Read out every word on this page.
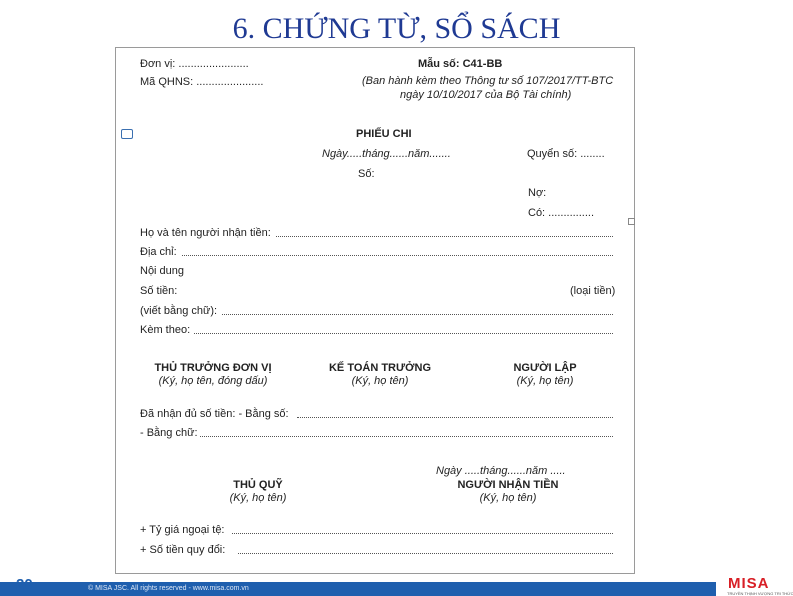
6. CHỨNG TỪ, SỔ SÁCH
Đơn vị: .......................
Mã QHNS: ......................
Mẫu số: C41-BB
(Ban hành kèm theo Thông tư số 107/2017/TT-BTC
ngày 10/10/2017 của Bộ Tài chính)
PHIẾU CHI
Ngày.....tháng......năm.......	Quyển số: ........
Số:
Nợ:
Có: ...............
Họ và tên người nhận tiền:
Địa chỉ:
Nội dung
Số tiền:	(loại tiền)
(viết bằng chữ):
Kèm theo:
THỦ TRƯỞNG ĐƠN VỊ
(Ký, họ tên, đóng dấu)
KẾ TOÁN TRƯỞNG
(Ký, họ tên)
NGƯỜI LẬP
(Ký, họ tên)
Đã nhận đủ số tiền: - Bằng số:
- Bằng chữ:
Ngày .....tháng......năm .....
THỦ QUỸ
(Ký, họ tên)
NGƯỜI NHẬN TIỀN
(Ký, họ tên)
+ Tỷ giá ngoại tệ:
+ Số tiền quy đổi:
20	© MISA JSC. All rights reserved - www.misa.com.vn	MISA
TRUYỀN THỊNH VƯỢNG TRI THỨC
